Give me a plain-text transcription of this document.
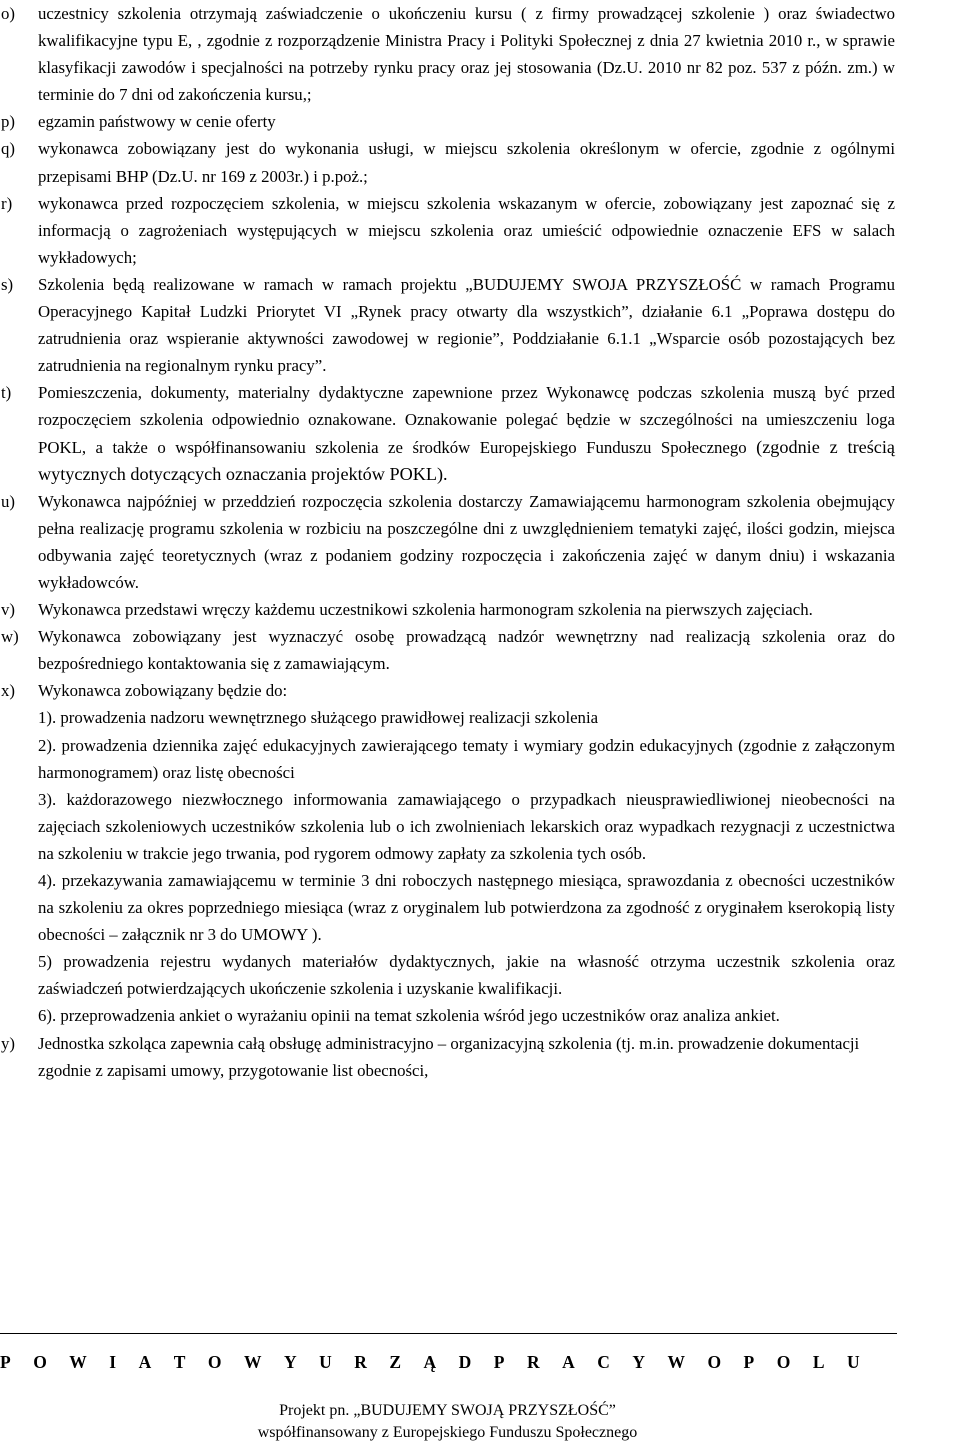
o)	uczestnicy szkolenia otrzymają zaświadczenie o ukończeniu kursu ( z firmy prowadzącej szkolenie ) oraz świadectwo kwalifikacyjne typu E, , zgodnie z rozporządzenie Ministra Pracy i Polityki Społecznej z dnia 27 kwietnia 2010 r., w sprawie klasyfikacji zawodów i specjalności na potrzeby rynku pracy oraz jej stosowania (Dz.U. 2010 nr 82 poz. 537 z późn. zm.) w terminie do 7 dni od zakończenia kursu,;
p)	egzamin państwowy w cenie oferty
q)	wykonawca zobowiązany jest do wykonania usługi, w miejscu szkolenia określonym w ofercie, zgodnie z ogólnymi przepisami BHP (Dz.U. nr 169 z 2003r.) i p.poż.;
r)	wykonawca przed rozpoczęciem szkolenia, w miejscu szkolenia wskazanym w ofercie, zobowiązany jest zapoznać się z informacją o zagrożeniach występujących w miejscu szkolenia oraz umieścić odpowiednie oznaczenie EFS w salach wykładowych;
s)	Szkolenia będą realizowane w ramach w ramach projektu „BUDUJEMY SWOJA PRZYSZŁOŚĆ w ramach Programu Operacyjnego Kapitał Ludzki Priorytet VI „Rynek pracy otwarty dla wszystkich”, działanie 6.1 „Poprawa dostępu do zatrudnienia oraz wspieranie aktywności zawodowej w regionie”, Poddziałanie 6.1.1 „Wsparcie osób pozostających bez zatrudnienia na regionalnym rynku pracy”.
t)	Pomieszczenia, dokumenty, materialny dydaktyczne zapewnione przez Wykonawcę podczas szkolenia muszą być przed rozpoczęciem szkolenia odpowiednio oznakowane. Oznakowanie polegać będzie w szczególności na umieszczeniu loga POKL, a także o współfinansowaniu szkolenia ze środków Europejskiego Funduszu Społecznego (zgodnie z treścią wytycznych dotyczących oznaczania projektów POKL).
u)	Wykonawca najpóźniej w przeddzień rozpoczęcia szkolenia dostarczy Zamawiającemu harmonogram szkolenia obejmujący pełna realizację programu szkolenia w rozbiciu na poszczególne dni z uwzględnieniem tematyki zajęć, ilości godzin, miejsca odbywania zajęć teoretycznych (wraz z podaniem godziny rozpoczęcia i zakończenia zajęć w danym dniu) i wskazania wykładowców.
v)	Wykonawca przedstawi wręczy każdemu uczestnikowi szkolenia harmonogram szkolenia na pierwszych zajęciach.
w)	Wykonawca zobowiązany jest wyznaczyć osobę prowadzącą nadzór wewnętrzny nad realizacją szkolenia oraz do bezpośredniego kontaktowania się z zamawiającym.
x)	Wykonawca zobowiązany będzie do:

1). prowadzenia nadzoru wewnętrznego służącego prawidłowej realizacji szkolenia

2). prowadzenia dziennika zajęć edukacyjnych zawierającego tematy i wymiary godzin edukacyjnych (zgodnie z załączonym harmonogramem) oraz listę obecności

3). każdorazowego niezwłocznego informowania zamawiającego o przypadkach nieusprawiedliwionej nieobecności na zajęciach szkoleniowych uczestników szkolenia lub o ich zwolnieniach lekarskich oraz wypadkach rezygnacji z uczestnictwa na szkoleniu w trakcie jego trwania, pod rygorem odmowy zapłaty za szkolenia tych osób.

4). przekazywania zamawiającemu w terminie 3 dni roboczych następnego miesiąca, sprawozdania z obecności uczestników na szkoleniu za okres poprzedniego miesiąca (wraz z oryginalem lub potwierdzona za zgodność z oryginałem kserokopią listy obecności – załącznik nr 3 do UMOWY ).

5) prowadzenia rejestru wydanych materiałów dydaktycznych, jakie na własność otrzyma uczestnik szkolenia oraz zaświadczeń potwierdzających ukończenie szkolenia i uzyskanie kwalifikacji.

6). przeprowadzenia ankiet o wyrażaniu opinii na temat szkolenia wśród jego uczestników oraz analiza ankiet.

y)	Jednostka szkoląca zapewnia całą obsługę administracyjno – organizacyjną szkolenia (tj. m.in. prowadzenie dokumentacji zgodnie z zapisami umowy, przygotowanie list obecności,
P O W I A T O W Y U R Z Ą D P R A C Y W O P O L U
Projekt pn. „BUDUJEMY SWOJĄ PRZYSZŁOŚĆ”
współfinansowany z Europejskiego Funduszu Społecznego
